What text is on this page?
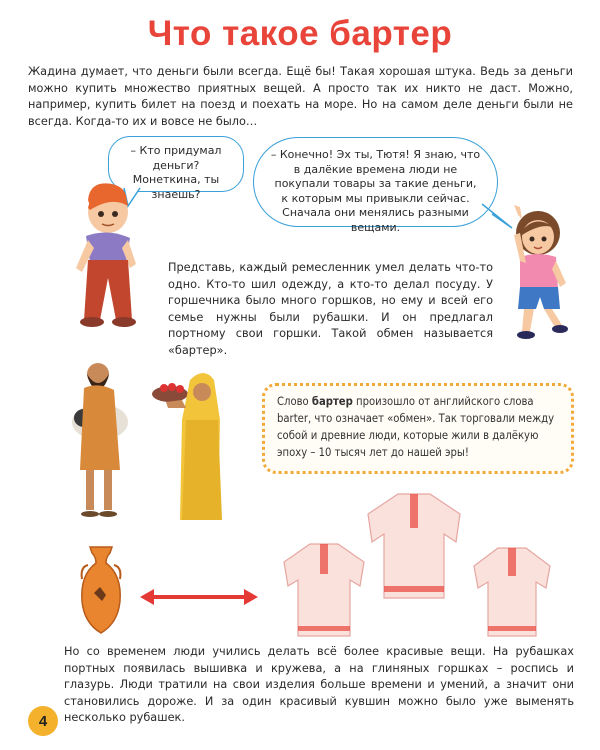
Что такое бартер
Жадина думает, что деньги были всегда. Ещё бы! Такая хорошая штука. Ведь за деньги можно купить множество приятных вещей. А просто так их никто не даст. Можно, например, купить билет на поезд и поехать на море. Но на самом деле деньги были не всегда. Когда-то их и вовсе не было…
– Кто придумал деньги? Монеткина, ты знаешь?
– Конечно! Эх ты, Тютя! Я знаю, что в далёкие времена люди не покупали товары за такие деньги, к которым мы привыкли сейчас. Сначала они менялись разными вещами.
Представь, каждый ремесленник умел делать что-то одно. Кто-то шил одежду, а кто-то делал посуду. У горшечника было много горшков, но ему и всей его семье нужны были рубашки. И он предлагал портному свои горшки. Такой обмен называется «бартер».
Слово бартер произошло от английского слова barter, что означает «обмен». Так торговали между собой и древние люди, которые жили в далёкую эпоху – 10 тысяч лет до нашей эры!
Но со временем люди учились делать всё более красивые вещи. На рубашках портных появилась вышивка и кружева, а на глиняных горшках – роспись и глазурь. Люди тратили на свои изделия больше времени и умений, а значит они становились дороже. И за один красивый кувшин можно было уже выменять несколько рубашек.
4
